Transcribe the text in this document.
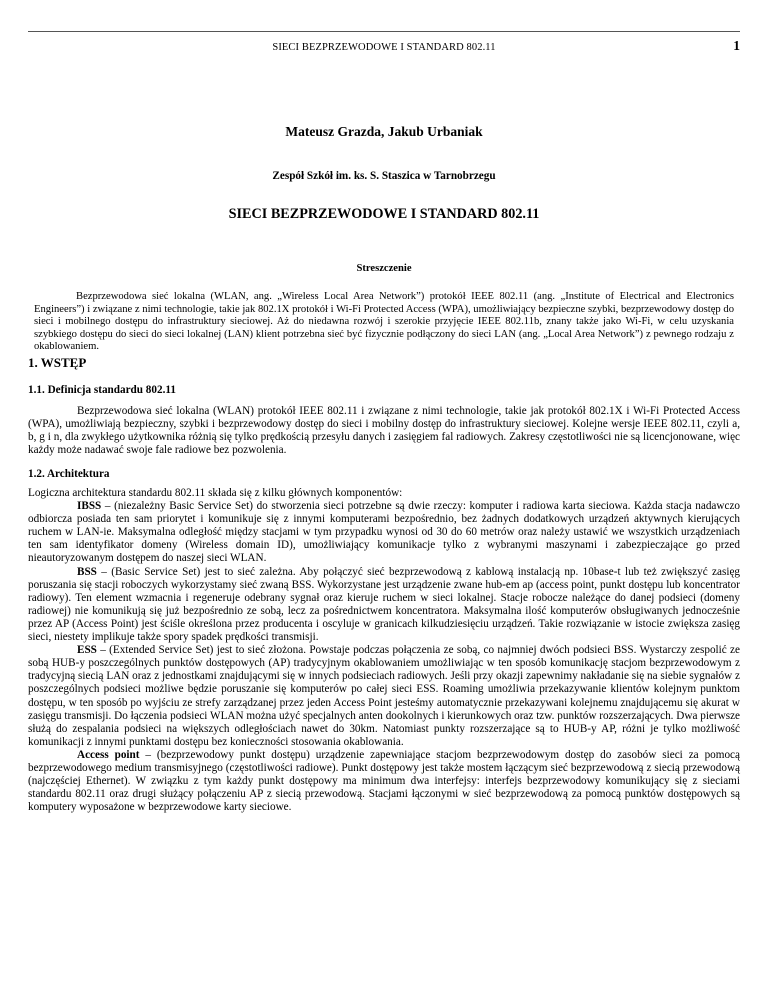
SIECI BEZPRZEWODOWE I STANDARD 802.11	1
Mateusz Grazda, Jakub Urbaniak
Zespół Szkół im. ks. S. Staszica w Tarnobrzegu
SIECI BEZPRZEWODOWE I STANDARD 802.11
Streszczenie

Bezprzewodowa sieć lokalna (WLAN, ang. „Wireless Local Area Network”) protokół IEEE 802.11 (ang. „Institute of Electrical and Electronics Engineers”) i związane z nimi technologie, takie jak 802.1X protokół i Wi-Fi Protected Access (WPA), umożliwiający bezpieczne szybki, bezprzewodowy dostęp do sieci i mobilnego dostępu do infrastruktury sieciowej. Aż do niedawna rozwój i szerokie przyjęcie IEEE 802.11b, znany także jako Wi-Fi, w celu uzyskania szybkiego dostępu do sieci do sieci lokalnej (LAN) klient potrzebna sieć być fizycznie podłączony do sieci LAN (ang. „Local Area Network”) z pewnego rodzaju z okablowaniem.

1. WSTĘP
1.1. Definicja standardu 802.11

Bezprzewodowa sieć lokalna (WLAN) protokół IEEE 802.11 i związane z nimi technologie, takie jak protokół 802.1X i Wi-Fi Protected Access (WPA), umożliwiają bezpieczny, szybki i bezprzewodowy dostęp do sieci i mobilny dostęp do infrastruktury sieciowej. Kolejne wersje IEEE 802.11, czyli a, b, g i n, dla zwykłego użytkownika różnią się tylko prędkością przesyłu danych i zasięgiem fal radiowych. Zakresy częstotliwości nie są licencjonowane, więc każdy może nadawać swoje fale radiowe bez pozwolenia.

1.2. Architektura

Logiczna architektura standardu 802.11 składa się z kilku głównych komponentów:

IBSS – (niezależny Basic Service Set) do stworzenia sieci potrzebne są dwie rzeczy: komputer i radiowa karta sieciowa. Każda stacja nadawczo odbiorcza posiada ten sam priorytet i komunikuje się z innymi komputerami bezpośrednio, bez żadnych dodatkowych urządzeń aktywnych kierujących ruchem w LAN-ie. Maksymalna odległość między stacjami w tym przypadku wynosi od 30 do 60 metrów oraz należy ustawić we wszystkich urządzeniach ten sam identyfikator domeny (Wireless domain ID), umożliwiający komunikacje tylko z wybranymi maszynami i zabezpieczające go przed nieautoryzowanym dostępem do naszej sieci WLAN.

BSS – (Basic Service Set) jest to sieć zależna. Aby połączyć sieć bezprzewodową z kablową instalacją np. 10base-t lub też zwiększyć zasięg poruszania się stacji roboczych wykorzystamy sieć zwaną BSS. Wykorzystane jest urządzenie zwane hub-em ap (access point, punkt dostępu lub koncentrator radiowy). Ten element wzmacnia i regeneruje odebrany sygnał oraz kieruje ruchem w sieci lokalnej. Stacje robocze należące do danej podsieci (domeny radiowej) nie komunikują się już bezpośrednio ze sobą, lecz za pośrednictwem koncentratora. Maksymalna ilość komputerów obsługiwanych jednocześnie przez AP (Access Point) jest ściśle określona przez producenta i oscyluje w granicach kilkudziesięciu urządzeń. Takie rozwiązanie w istocie zwiększa zasięg sieci, niestety implikuje także spory spadek prędkości transmisji.

ESS – (Extended Service Set) jest to sieć złożona. Powstaje podczas połączenia ze sobą, co najmniej dwóch podsieci BSS. Wystarczy zespolić ze sobą HUB-y poszczególnych punktów dostępowych (AP) tradycyjnym okablowaniem umożliwiając w ten sposób komunikację stacjom bezprzewodowym z tradycyjną siecią LAN oraz z jednostkami znajdującymi się w innych podsieciach radiowych. Jeśli przy okazji zapewnimy nakładanie się na siebie sygnałów z poszczególnych podsieci możliwe będzie poruszanie się komputerów po całej sieci ESS. Roaming umożliwia przekazywanie klientów kolejnym punktom dostępu, w ten sposób po wyjściu ze strefy zarządzanej przez jeden Access Point jesteśmy automatycznie przekazywani kolejnemu znajdującemu się akurat w zasięgu transmisji. Do łączenia podsieci WLAN można użyć specjalnych anten dookolnych i kierunkowych oraz tzw. punktów rozszerzających. Dwa pierwsze służą do zespalania podsieci na większych odległościach nawet do 30km. Natomiast punkty rozszerzające są to HUB-y AP, różni je tylko możliwość komunikacji z innymi punktami dostępu bez konieczności stosowania okablowania.

Access point – (bezprzewodowy punkt dostępu) urządzenie zapewniające stacjom bezprzewodowym dostęp do zasobów sieci za pomocą bezprzewodowego medium transmisyjnego (częstotliwości radiowe). Punkt dostępowy jest także mostem łączącym sieć bezprzewodową z siecią przewodową (najczęściej Ethernet). W związku z tym każdy punkt dostępowy ma minimum dwa interfejsy: interfejs bezprzewodowy komunikujący się z sieciami standardu 802.11 oraz drugi służący połączeniu AP z siecią przewodową. Stacjami łączonymi w sieć bezprzewodową za pomocą punktów dostępowych są komputery wyposażone w bezprzewodowe karty sieciowe.
